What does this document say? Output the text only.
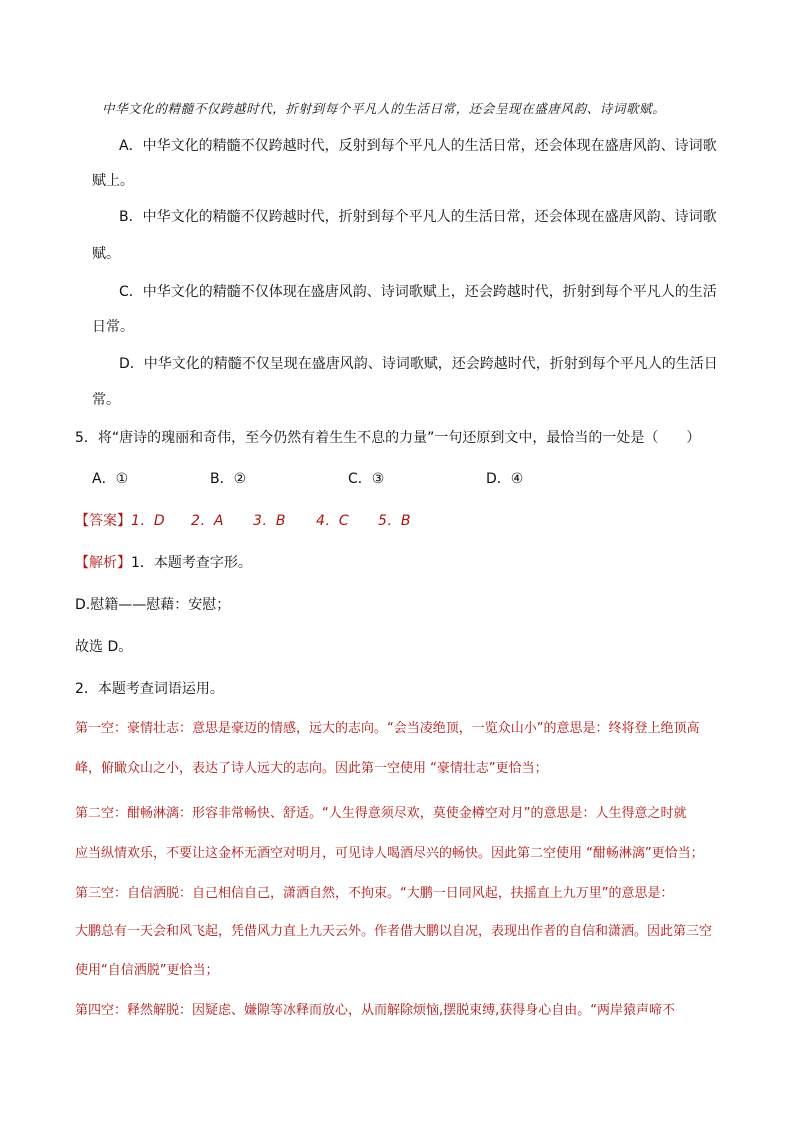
中华文化的精髓不仅跨越时代，折射到每个平凡人的生活日常，还会呈现在盛唐风韵、诗词歌赋。
A．中华文化的精髓不仅跨越时代，反射到每个平凡人的生活日常，还会体现在盛唐风韵、诗词歌
赋上。
B．中华文化的精髓不仅跨越时代，折射到每个平凡人的生活日常，还会体现在盛唐风韵、诗词歌
赋。
C．中华文化的精髓不仅体现在盛唐风韵、诗词歌赋上，还会跨越时代，折射到每个平凡人的生活
日常。
D．中华文化的精髓不仅呈现在盛唐风韵、诗词歌赋，还会跨越时代，折射到每个平凡人的生活日
常。
5．将“唐诗的瑰丽和奇伟，至今仍然有着生生不息的力量”一句还原到文中，最恰当的一处是（　　）
A．①	B．②	C．③	D．④
【答案】 1．D 2．A 3．B 4．C 5．B
【解析】 1．本题考查字形。
D.慰籍——慰藉：安慰；
故选 D。
2．本题考查词语运用。
第一空：豪情壮志：意思是豪迈的情感，远大的志向。“会当凌绝顶，一览众山小”的意思是：终将登上绝顶高
峰，俯瞰众山之小，表达了诗人远大的志向。因此第一空使用 “豪情壮志”更恰当；
第二空：酣畅淋漓：形容非常畅快、舒适。“人生得意须尽欢，莫使金樽空对月”的意思是：人生得意之时就
应当纵情欢乐，不要让这金杯无酒空对明月，可见诗人喝酒尽兴的畅快。因此第二空使用 “酣畅淋漓”更恰当；
第三空：自信洒脱：自己相信自己，潇洒自然，不拘束。“大鹏一日同风起，扶摇直上九万里”的意思是：
大鹏总有一天会和风飞起，凭借风力直上九天云外。作者借大鹏以自况，表现出作者的自信和潇洒。因此第三空
使用“自信洒脱”更恰当；
第四空：释然解脱：因疑虑、嫌隙等冰释而放心，从而解除烦恼,摆脱束缚,获得身心自由。“两岸猿声啼不
